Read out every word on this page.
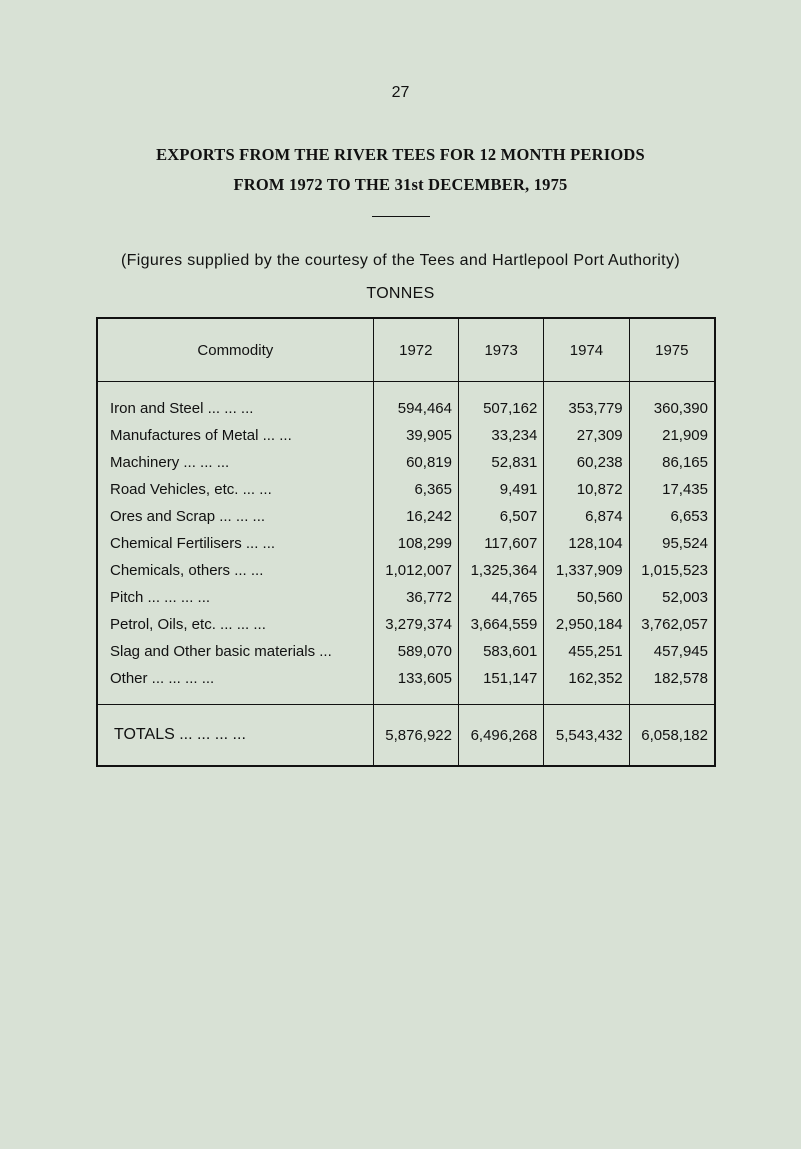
27
EXPORTS FROM THE RIVER TEES FOR 12 MONTH PERIODS
FROM 1972 TO THE 31st DECEMBER, 1975
(Figures supplied by the courtesy of the Tees and Hartlepool Port Authority)
TONNES
Commodity	1972	1973	1974	1975
Iron and Steel ... ... ...	594,464	507,162	353,779	360,390
Manufactures of Metal ... ...	39,905	33,234	27,309	21,909
Machinery ... ... ...	60,819	52,831	60,238	86,165
Road Vehicles, etc. ... ...	6,365	9,491	10,872	17,435
Ores and Scrap ... ... ...	16,242	6,507	6,874	6,653
Chemical Fertilisers ... ...	108,299	117,607	128,104	95,524
Chemicals, others ... ...	1,012,007	1,325,364	1,337,909	1,015,523
Pitch ... ... ... ...	36,772	44,765	50,560	52,003
Petrol, Oils, etc. ... ... ...	3,279,374	3,664,559	2,950,184	3,762,057
Slag and Other basic materials ...	589,070	583,601	455,251	457,945
Other ... ... ... ...	133,605	151,147	162,352	182,578
TOTALS ... ... ... ...	5,876,922	6,496,268	5,543,432	6,058,182
